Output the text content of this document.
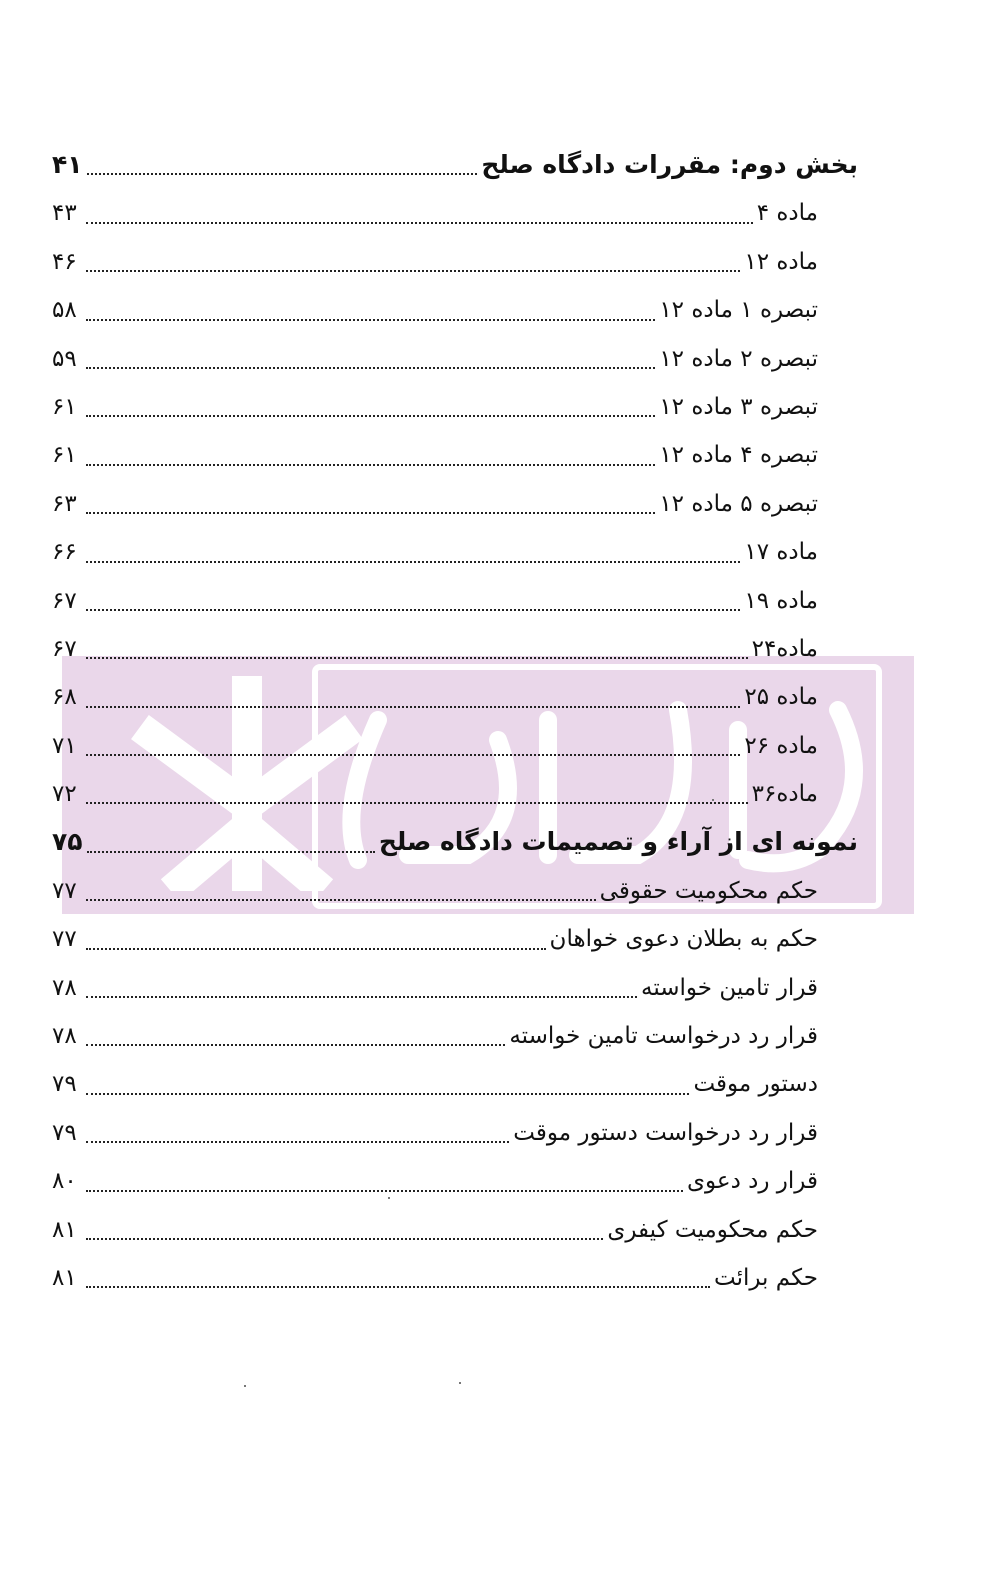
بخش دوم: مقررات دادگاه صلح
۴۱
ماده ۴
۴۳
ماده ۱۲
۴۶
تبصره ۱ ماده ۱۲
۵۸
تبصره ۲ ماده ۱۲
۵۹
تبصره ۳ ماده ۱۲
۶۱
تبصره ۴ ماده ۱۲
۶۱
تبصره ۵ ماده ۱۲
۶۳
ماده ۱۷
۶۶
ماده ۱۹
۶۷
ماده۲۴
۶۷
ماده ۲۵
۶۸
ماده ۲۶
۷۱
ماده۳۶
۷۲
نمونه ای از آراء و تصمیمات دادگاه صلح
۷۵
حکم محکومیت حقوقی
۷۷
حکم به بطلان دعوی خواهان
۷۷
قرار تامین خواسته
۷۸
قرار رد درخواست تامین خواسته
۷۸
دستور موقت
۷۹
قرار رد درخواست دستور موقت
۷۹
قرار رد دعوی
۸۰
حکم محکومیت کیفری
۸۱
حکم برائت
۸۱
